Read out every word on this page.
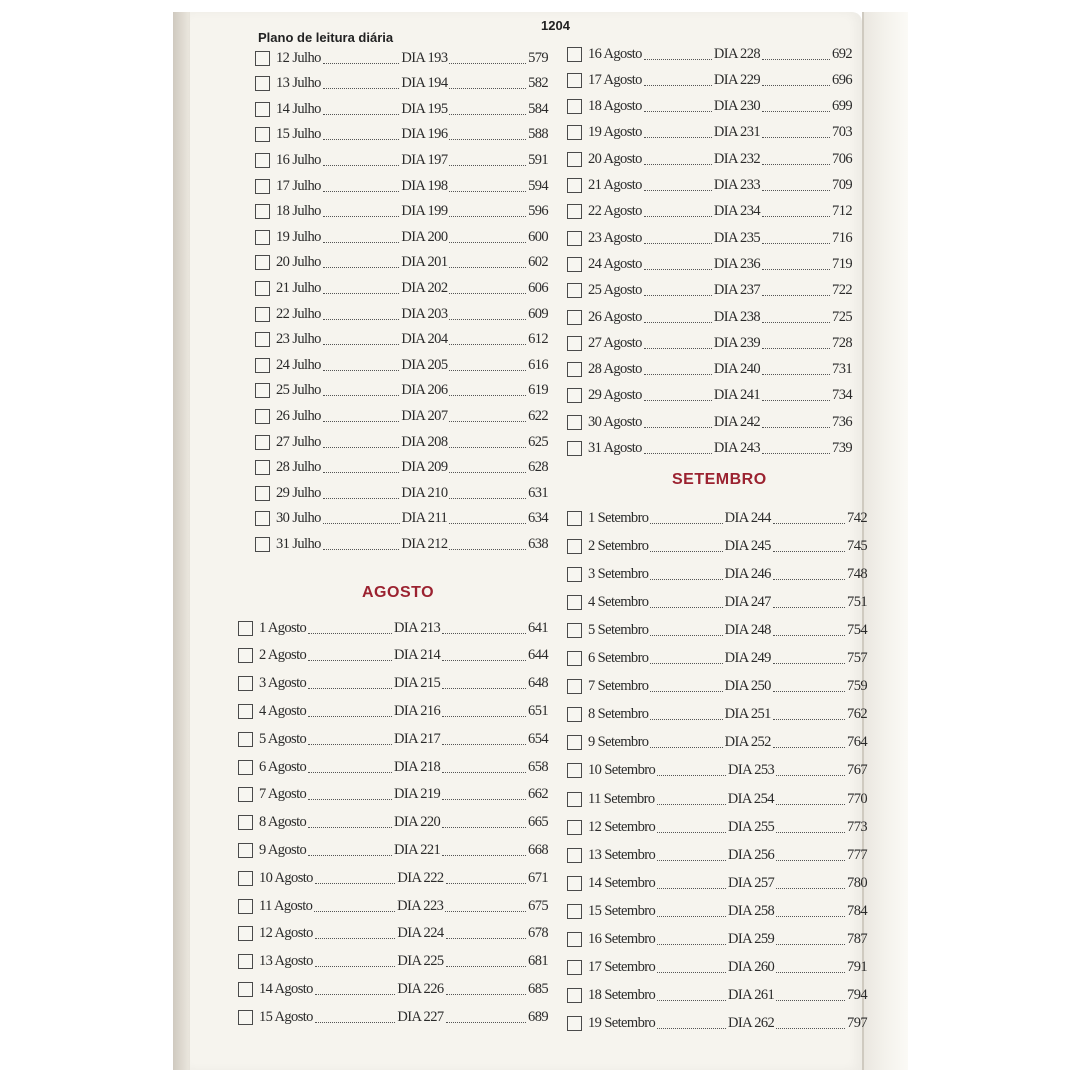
Plano de leitura diária
1204
AGOSTO
SETEMBRO
12 Julho	DIA 193	579
13 Julho	DIA 194	582
14 Julho	DIA 195	584
15 Julho	DIA 196	588
16 Julho	DIA 197	591
17 Julho	DIA 198	594
18 Julho	DIA 199	596
19 Julho	DIA 200	600
20 Julho	DIA 201	602
21 Julho	DIA 202	606
22 Julho	DIA 203	609
23 Julho	DIA 204	612
24 Julho	DIA 205	616
25 Julho	DIA 206	619
26 Julho	DIA 207	622
27 Julho	DIA 208	625
28 Julho	DIA 209	628
29 Julho	DIA 210	631
30 Julho	DIA 211	634
31 Julho	DIA 212	638
1 Agosto	DIA 213	641
2 Agosto	DIA 214	644
3 Agosto	DIA 215	648
4 Agosto	DIA 216	651
5 Agosto	DIA 217	654
6 Agosto	DIA 218	658
7 Agosto	DIA 219	662
8 Agosto	DIA 220	665
9 Agosto	DIA 221	668
10 Agosto	DIA 222	671
11 Agosto	DIA 223	675
12 Agosto	DIA 224	678
13 Agosto	DIA 225	681
14 Agosto	DIA 226	685
15 Agosto	DIA 227	689
16 Agosto	DIA 228	692
17 Agosto	DIA 229	696
18 Agosto	DIA 230	699
19 Agosto	DIA 231	703
20 Agosto	DIA 232	706
21 Agosto	DIA 233	709
22 Agosto	DIA 234	712
23 Agosto	DIA 235	716
24 Agosto	DIA 236	719
25 Agosto	DIA 237	722
26 Agosto	DIA 238	725
27 Agosto	DIA 239	728
28 Agosto	DIA 240	731
29 Agosto	DIA 241	734
30 Agosto	DIA 242	736
31 Agosto	DIA 243	739
1 Setembro	DIA 244	742
2 Setembro	DIA 245	745
3 Setembro	DIA 246	748
4 Setembro	DIA 247	751
5 Setembro	DIA 248	754
6 Setembro	DIA 249	757
7 Setembro	DIA 250	759
8 Setembro	DIA 251	762
9 Setembro	DIA 252	764
10 Setembro	DIA 253	767
11 Setembro	DIA 254	770
12 Setembro	DIA 255	773
13 Setembro	DIA 256	777
14 Setembro	DIA 257	780
15 Setembro	DIA 258	784
16 Setembro	DIA 259	787
17 Setembro	DIA 260	791
18 Setembro	DIA 261	794
19 Setembro	DIA 262	797
